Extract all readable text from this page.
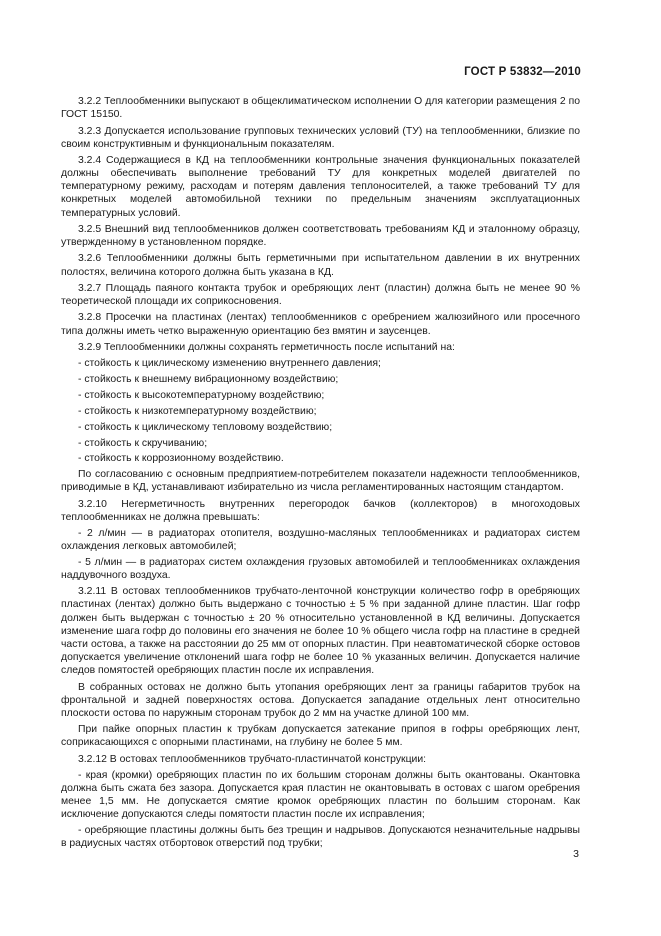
ГОСТ Р 53832—2010

3.2.2 Теплообменники выпускают в общеклиматическом исполнении О для категории размещения 2 по ГОСТ 15150.

3.2.3 Допускается использование групповых технических условий (ТУ) на теплообменники, близкие по своим конструктивным и функциональным показателям.

3.2.4 Содержащиеся в КД на теплообменники контрольные значения функциональных показателей должны обеспечивать выполнение требований ТУ для конкретных моделей двигателей по температурному режиму, расходам и потерям давления теплоносителей, а также требований ТУ для конкретных моделей автомобильной техники по предельным значениям эксплуатационных температурных условий.

3.2.5 Внешний вид теплообменников должен соответствовать требованиям КД и эталонному образцу, утвержденному в установленном порядке.

3.2.6 Теплообменники должны быть герметичными при испытательном давлении в их внутренних полостях, величина которого должна быть указана в КД.

3.2.7 Площадь паяного контакта трубок и оребряющих лент (пластин) должна быть не менее 90 % теоретической площади их соприкосновения.

3.2.8 Просечки на пластинах (лентах) теплообменников с оребрением жалюзийного или просечного типа должны иметь четко выраженную ориентацию без вмятин и заусенцев.

3.2.9 Теплообменники должны сохранять герметичность после испытаний на:

- стойкость к циклическому изменению внутреннего давления;

- стойкость к внешнему вибрационному воздействию;

- стойкость к высокотемпературному воздействию;

- стойкость к низкотемпературному воздействию;

- стойкость к циклическому тепловому воздействию;

- стойкость к скручиванию;

- стойкость к коррозионному воздействию.

По согласованию с основным предприятием-потребителем показатели надежности теплообменников, приводимые в КД, устанавливают избирательно из числа регламентированных настоящим стандартом.

3.2.10 Негерметичность внутренних перегородок бачков (коллекторов) в многоходовых теплообменниках не должна превышать:

- 2 л/мин — в радиаторах отопителя, воздушно-масляных теплообменниках и радиаторах систем охлаждения легковых автомобилей;

- 5 л/мин — в радиаторах систем охлаждения грузовых автомобилей и теплообменниках охлаждения наддувочного воздуха.

3.2.11 В остовах теплообменников трубчато-ленточной конструкции количество гофр в оребряющих пластинах (лентах) должно быть выдержано с точностью ± 5 % при заданной длине пластин. Шаг гофр должен быть выдержан с точностью ± 20 % относительно установленной в КД величины. Допускается изменение шага гофр до половины его значения не более 10 % общего числа гофр на пластине в средней части остова, а также на расстоянии до 25 мм от опорных пластин. При неавтоматической сборке остовов допускается увеличение отклонений шага гофр не более 10 % указанных величин. Допускается наличие следов помятостей оребряющих пластин после их исправления.

В собранных остовах не должно быть утопания оребряющих лент за границы габаритов трубок на фронтальной и задней поверхностях остова. Допускается западание отдельных лент относительно плоскости остова по наружным сторонам трубок до 2 мм на участке длиной 100 мм.

При пайке опорных пластин к трубкам допускается затекание припоя в гофры оребряющих лент, соприкасающихся с опорными пластинами, на глубину не более 5 мм.

3.2.12 В остовах теплообменников трубчато-пластинчатой конструкции:

- края (кромки) оребряющих пластин по их большим сторонам должны быть окантованы. Окантовка должна быть сжата без зазора. Допускается края пластин не окантовывать в остовах с шагом оребрения менее 1,5 мм. Не допускается смятие кромок оребряющих пластин по большим сторонам. Как исключение допускаются следы помятости пластин после их исправления;

- оребряющие пластины должны быть без трещин и надрывов. Допускаются незначительные надрывы в радиусных частях отбортовок отверстий под трубки;

3
